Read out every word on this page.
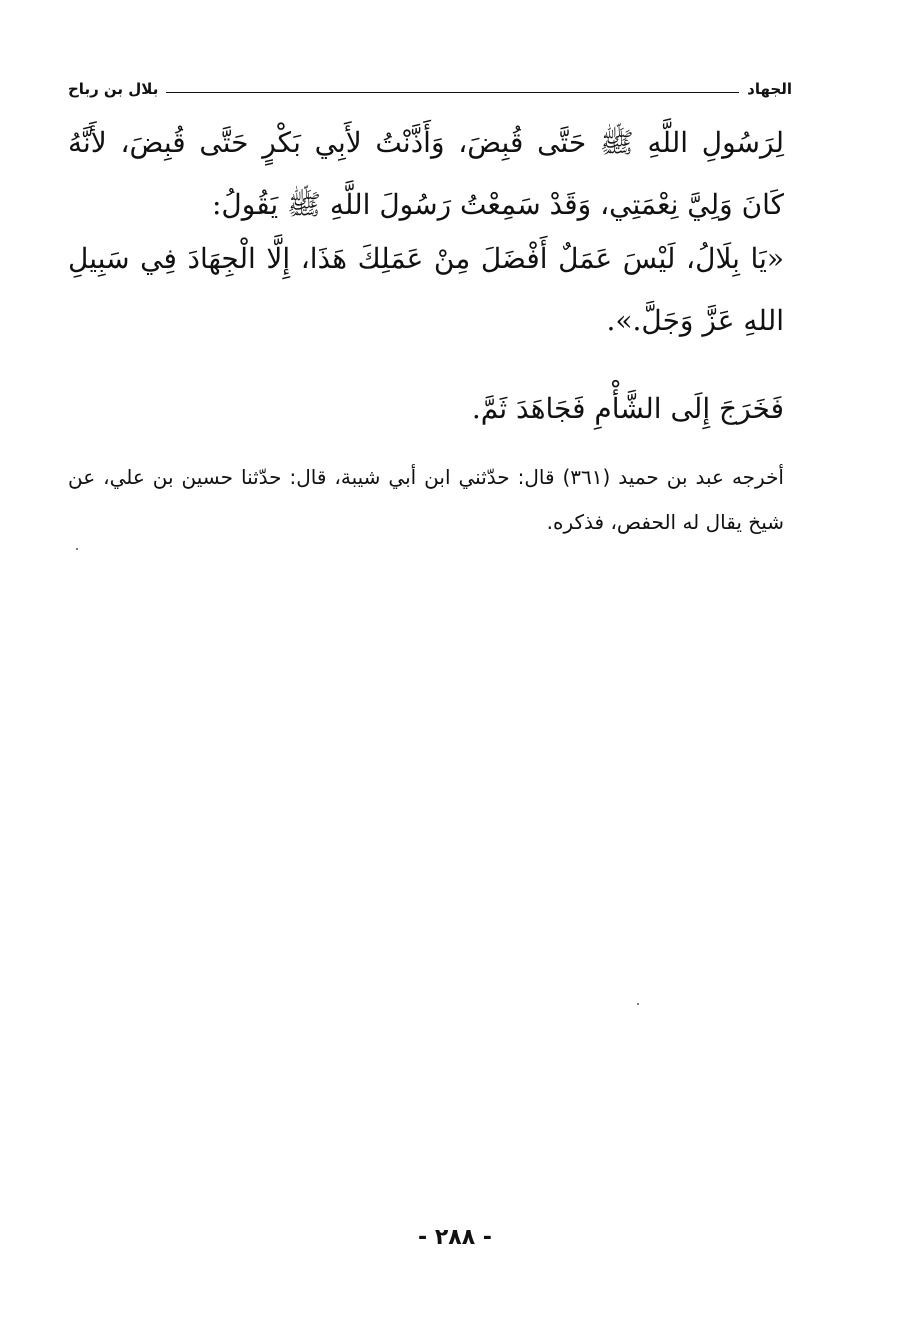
الجهاد
بلال بن رباح

لِرَسُولِ اللَّهِ ﷺ حَتَّى قُبِضَ، وَأَذَّنْتُ لأَبِي بَكْرٍ حَتَّى قُبِضَ، لأَنَّهُ كَانَ وَلِيَّ نِعْمَتِي، وَقَدْ سَمِعْتُ رَسُولَ اللَّهِ ﷺ يَقُولُ:

«يَا بِلَالُ، لَيْسَ عَمَلٌ أَفْضَلَ مِنْ عَمَلِكَ هَذَا، إِلَّا الْجِهَادَ فِي سَبِيلِ اللهِ عَزَّ وَجَلَّ.».

فَخَرَجَ إِلَى الشَّأْمِ فَجَاهَدَ ثَمَّ.

أخرجه عبد بن حميد (٣٦١) قال: حدّثني ابن أبي شيبة، قال: حدّثنا حسين بن علي، عن شيخ يقال له الحفص، فذكره.

- ٢٨٨ -
